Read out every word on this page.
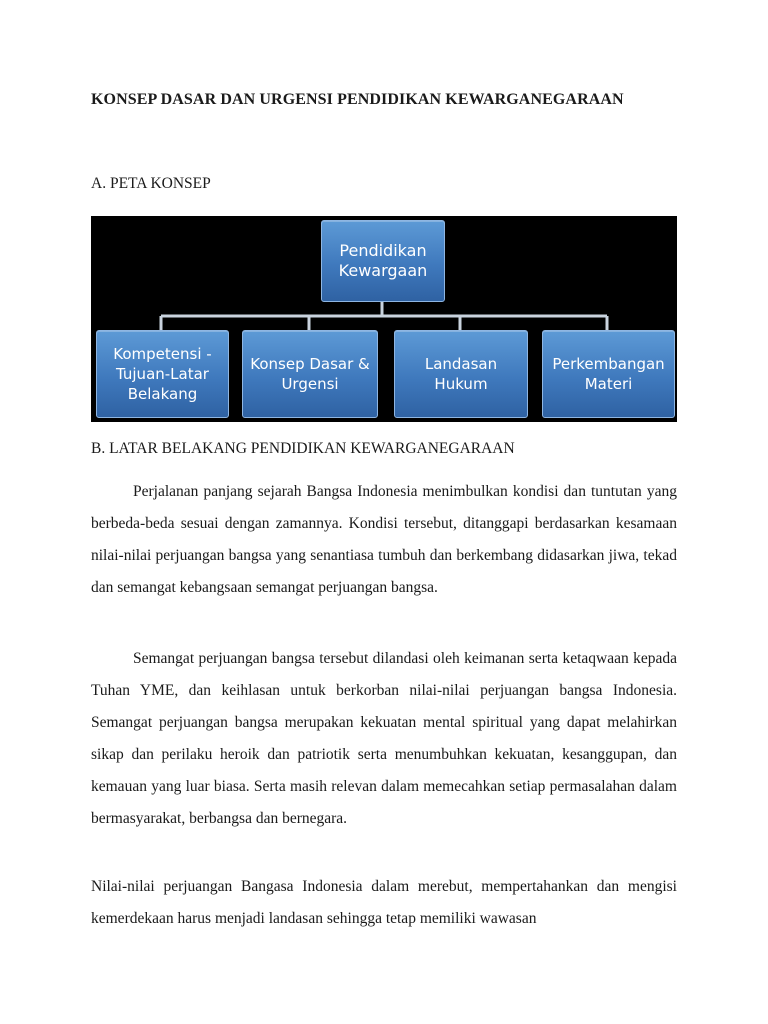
KONSEP DASAR DAN URGENSI PENDIDIKAN KEWARGANEGARAAN
A. PETA KONSEP
Pendidikan
Kewargaan
Kompetensi -
Tujuan-Latar
Belakang
Konsep Dasar &
Urgensi
Landasan
Hukum
Perkembangan
Materi
B. LATAR BELAKANG PENDIDIKAN KEWARGANEGARAAN

Perjalanan panjang sejarah Bangsa Indonesia menimbulkan kondisi dan tuntutan yang berbeda-beda sesuai dengan zamannya. Kondisi tersebut, ditanggapi berdasarkan kesamaan nilai-nilai perjuangan bangsa yang senantiasa tumbuh dan berkembang didasarkan jiwa, tekad dan semangat kebangsaan semangat perjuangan bangsa.

Semangat perjuangan bangsa tersebut dilandasi oleh keimanan serta ketaqwaan kepada Tuhan YME, dan keihlasan untuk berkorban nilai-nilai perjuangan bangsa Indonesia. Semangat perjuangan bangsa merupakan kekuatan mental spiritual yang dapat melahirkan sikap dan perilaku heroik dan patriotik serta menumbuhkan kekuatan, kesanggupan, dan kemauan yang luar biasa. Serta masih relevan dalam memecahkan setiap permasalahan dalam bermasyarakat, berbangsa dan bernegara.

Nilai-nilai perjuangan Bangasa Indonesia dalam merebut, mempertahankan dan mengisi kemerdekaan harus menjadi landasan sehingga tetap memiliki wawasan
